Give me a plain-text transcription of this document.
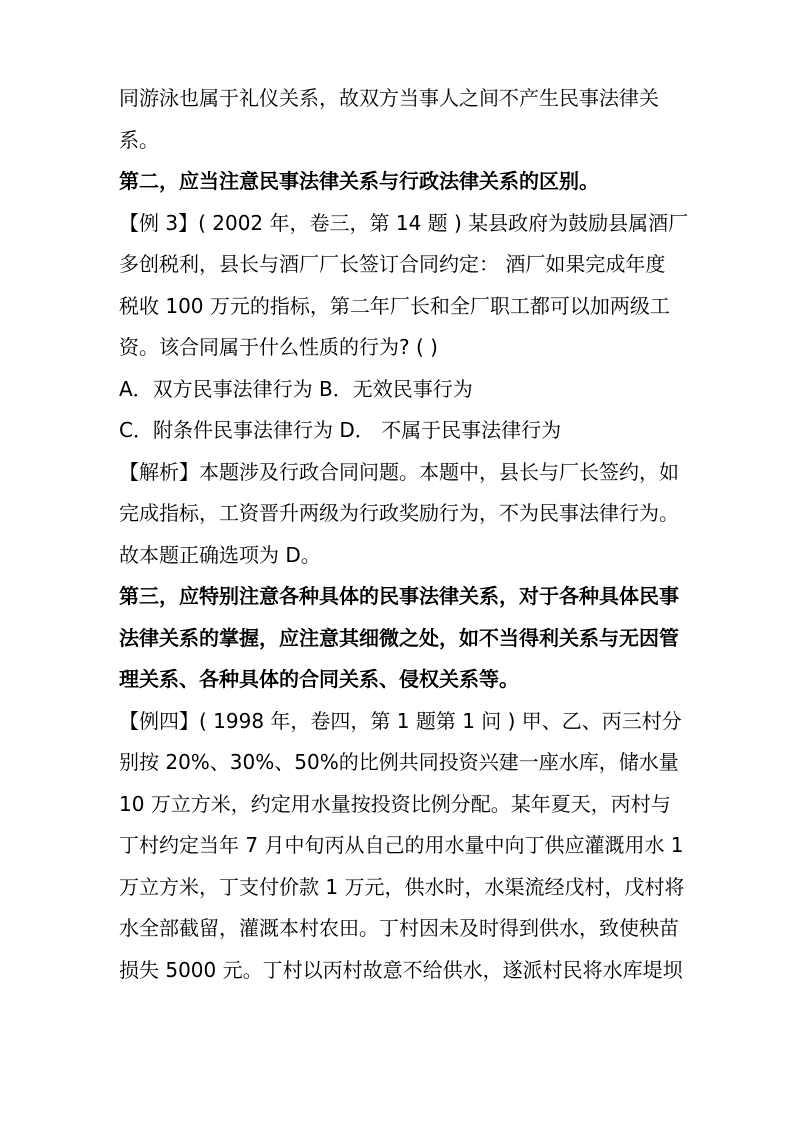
同游泳也属于礼仪关系，故双方当事人之间不产生民事法律关
系。
第二，应当注意民事法律关系与行政法律关系的区别。
【例 3】( 2002 年，卷三，第 14 题 ) 某县政府为鼓励县属酒厂
多创税利，县长与酒厂厂长签订合同约定： 酒厂如果完成年度
税收 100 万元的指标，第二年厂长和全厂职工都可以加两级工
资。该合同属于什么性质的行为? ( )
A．双方民事法律行为 B．无效民事行为
C．附条件民事法律行为 D． 不属于民事法律行为
【解析】本题涉及行政合同问题。本题中，县长与厂长签约，如
完成指标，工资晋升两级为行政奖励行为，不为民事法律行为。
故本题正确选项为 D。
第三，应特别注意各种具体的民事法律关系，对于各种具体民事
法律关系的掌握，应注意其细微之处，如不当得利关系与无因管
理关系、各种具体的合同关系、侵权关系等。
【例四】( 1998 年，卷四，第 1 题第 1 问 ) 甲、乙、丙三村分
别按 20%、30%、50%的比例共同投资兴建一座水库，储水量
10 万立方米，约定用水量按投资比例分配。某年夏天，丙村与
丁村约定当年 7 月中旬丙从自己的用水量中向丁供应灌溉用水 1
万立方米，丁支付价款 1 万元，供水时，水渠流经戊村，戊村将
水全部截留，灌溉本村农田。丁村因未及时得到供水，致使秧苗
损失 5000 元。丁村以丙村故意不给供水，遂派村民将水库堤坝
